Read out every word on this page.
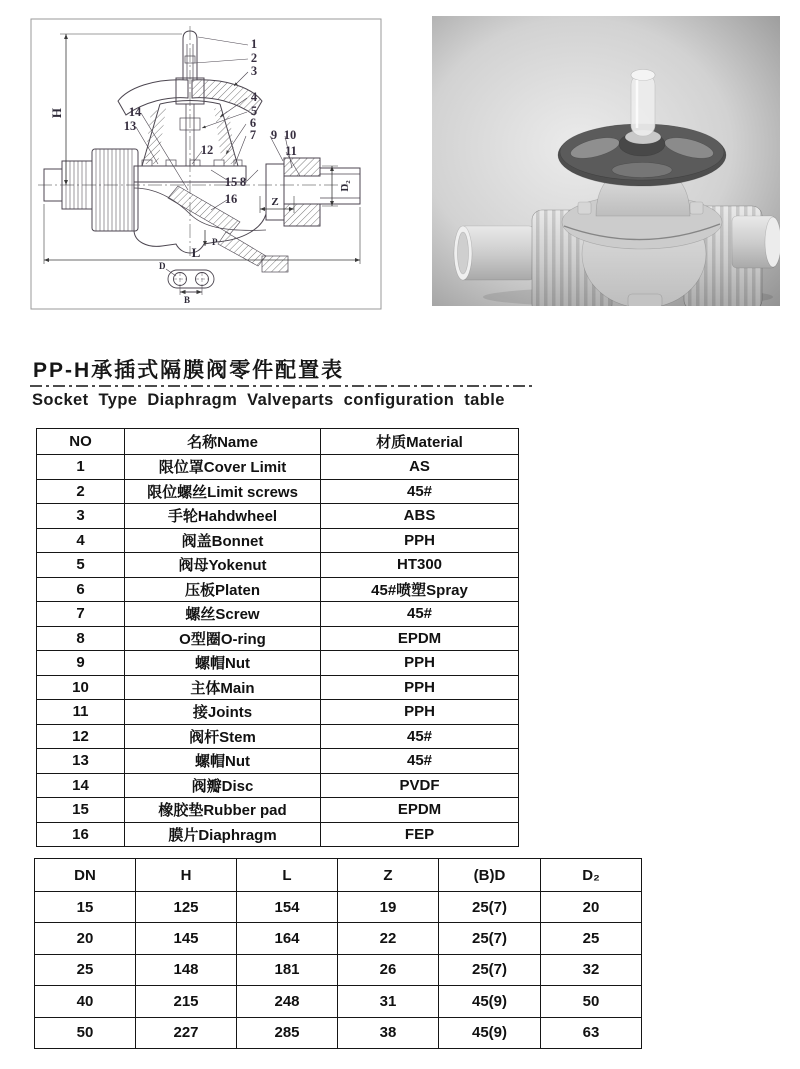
1
2
3
4
5
6
7 9 10
11
12
13
14
15 8
16
H
L
Z
D₂
P
D
B
PP-H承插式隔膜阀零件配置表
Socket Type Diaphragm Valveparts configuration table
NO	名称Name	材质Material
1	限位罩Cover Limit	AS
2	限位螺丝Limit screws	45#
3	手轮Hahdwheel	ABS
4	阀盖Bonnet	PPH
5	阀母Yokenut	HT300
6	压板Platen	45#喷塑Spray
7	螺丝Screw	45#
8	O型圈O-ring	EPDM
9	螺帽Nut	PPH
10	主体Main	PPH
11	接Joints	PPH
12	阀杆Stem	45#
13	螺帽Nut	45#
14	阀瓣Disc	PVDF
15	橡胶垫Rubber pad	EPDM
16	膜片Diaphragm	FEP
DN	H	L	Z	(B)D	D₂
15	125	154	19	25(7)	20
20	145	164	22	25(7)	25
25	148	181	26	25(7)	32
40	215	248	31	45(9)	50
50	227	285	38	45(9)	63
